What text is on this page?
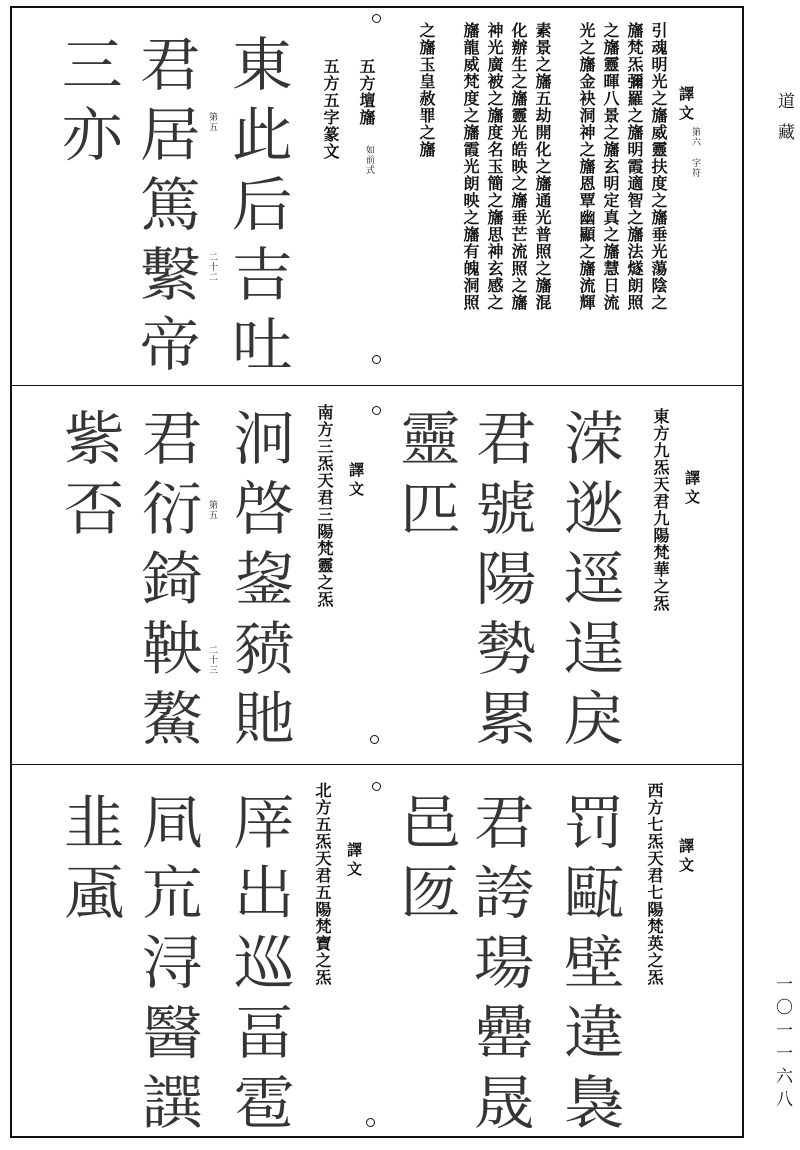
道藏
一〇一一六八
譯文
第六 字符
引魂明光之旛威靈扶度之旛垂光蕩陰之
旛梵炁彌羅之旛明霞適智之旛法燧朗照
之旛靈暉八景之旛玄明定真之旛慧日流
光之旛金袂洞神之旛恩覃幽顯之旛流輝
素景之旛五劫開化之旛通光普照之旛混
化辦生之旛靈光皓映之旛垂芒流照之旛
神光廣被之旛度名玉簡之旛思神玄感之
旛龍威梵度之旛霞光朗映之旛有魄洞照
之旛玉皇赦罪之旛
五方壇旛
如前式
五方五字篆文
東此后吉吐
君居篤繫帝
三亦	第五
二十二
譯文
東方九炁天君九陽梵華之炁
溁逖逕逞戾
君號陽勢累
靈匹
譯文
南方三炁天君三陽梵靈之炁
泂啓鋆豮貤
君衍錡鞅鰲
紫否	第五
二十三
譯文
西方七炁天君七陽梵英之炁
罚甌壁違裊
君誇瑒罍晟
邑匢
譯文
北方五炁天君五陽梵寶之炁
厗出巡畐雹
凬巟浔醫譔
韭颪
